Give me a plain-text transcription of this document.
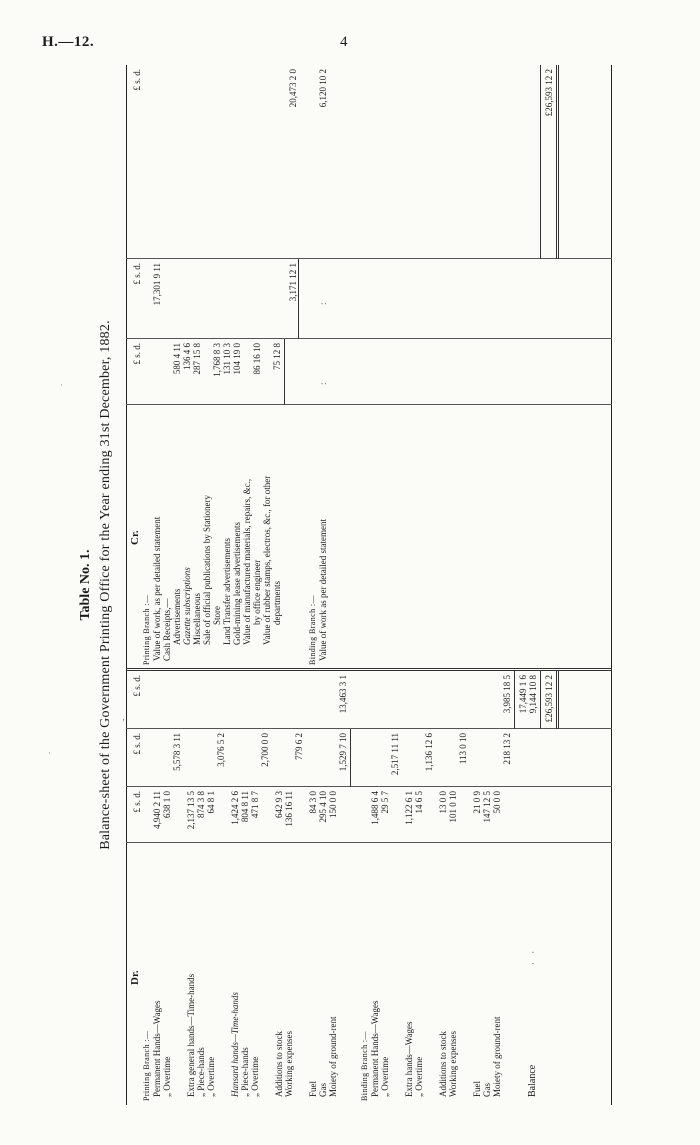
H.—12.	4
·
·
‚
Table No. 1. Balance-sheet of the Government Printing Office for the Year ending 31st December, 1882. £ s. d.
£ s. d.
£ s. d.
£ s. d.
£ s. d.
£ s. d.
Dr.
Printing Branch :— Permanent Hands—Wages
4,940 2 11
„ Overtime
638 1 0
5,578 3 11
Extra general hands—Time-hands
2,137 13 5
„ Piece-hands
874 3 8
„ Overtime
64 8 1
3,076 5 2
Hansard hands—Time-hands
1,424 2 6
„ Piece-hands
804 8 11
„ Overtime
471 8 7
2,700 0 0
Additions to stock
642 9 3
Working expenses
136 16 11
779 6 2
Fuel
84 3 0
Gas
295 4 10
Moiety of ground-rent
150 0 0
1,529 7 10
13,463 3 1
Binding Branch :— Permanent Hands—Wages
1,488 6 4
„ Overtime
29 5 7
2,517 11 11
Extra hands—Wages
1,122 6 1
„ Overtime
14 6 5
1,136 12 6
Additions to stock
13 0 0
Working expenses
101 0 10
113 0 10
Fuel
21 0 9
Gas
147 12 5
Moiety of ground-rent
50 0 0
218 13 2
3,985 18 5 17,449 1 6
Balance
· ·
9,144 10 8 £26,593 12 2
Cr.
Printing Branch :— Value of work, as per detailed statement
17,301 9 11
Cash Receipts,— Advertisements
580 4 11
Gazette subscriptions
136 4 6
Miscellaneous
287 15 8
Sale of official publications by Stationery Store
1,768 8 3
Land Transfer advertisements
131 10 3
Gold-mining lease advertisements
104 19 0
Value of manufactured materials, repairs, &c., by office engineer
86 16 10
Value of rubber stamps, electros, &c., for other departments
75 12 8
3,171 12 1
20,473 2 0
Binding Branch :— Value of work as per detailed statement
:
:
6,120 10 2	£26,593 12 2
